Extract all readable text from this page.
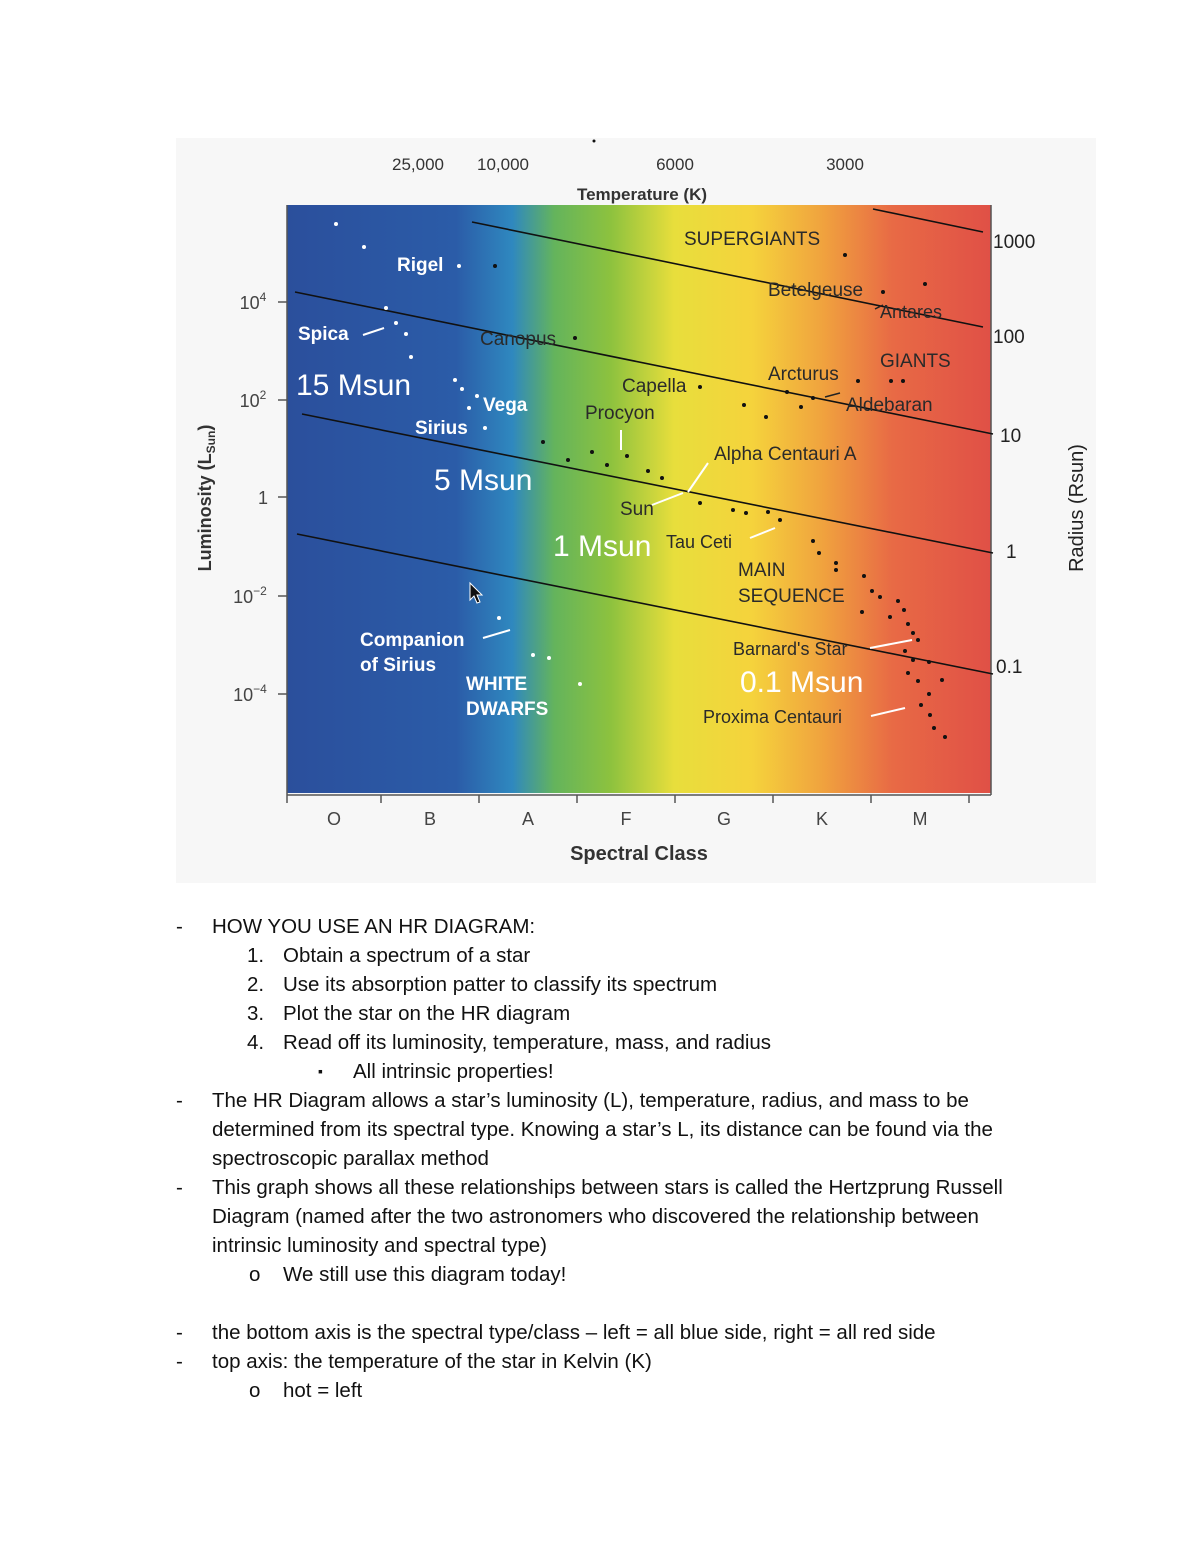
25,000 10,000	6000	3000
Temperature (K)
$10^4$
$10^2$
1
$10^{-2}$
$10^{-4}$
Luminosity $(L_{Sun})$
1000
100
10
1
0.1
Radius (Rsun)
O	B	A	F	G	K	M
Spectral Class
Rigel
Spica
Vega
Sirius
Companion
of Sirius
WHITE
DWARFS
15 Msun
5 Msun
1 Msun
0.1 Msun
Canopus
Capella
Procyon
SUPERGIANTS
Betelgeuse
Antares
Arcturus
GIANTS
Aldebaran
Alpha Centauri A
Sun
Tau Ceti
MAIN
SEQUENCE
Barnard's Star
Proxima Centauri
- HOW YOU USE AN HR DIAGRAM:
1. Obtain a spectrum of a star
2. Use its absorption patter to classify its spectrum
3. Plot the star on the HR diagram
4. Read off its luminosity, temperature, mass, and radius
▪ All intrinsic properties!
- The HR Diagram allows a star’s luminosity (L), temperature, radius, and mass to be determined from its spectral type. Knowing a star’s L, its distance can be found via the spectroscopic parallax method
- This graph shows all these relationships between stars is called the Hertzprung Russell Diagram (named after the two astronomers who discovered the relationship between intrinsic luminosity and spectral type)
o We still use this diagram today!
- the bottom axis is the spectral type/class – left = all blue side, right = all red side
- top axis: the temperature of the star in Kelvin (K)
o hot = left
